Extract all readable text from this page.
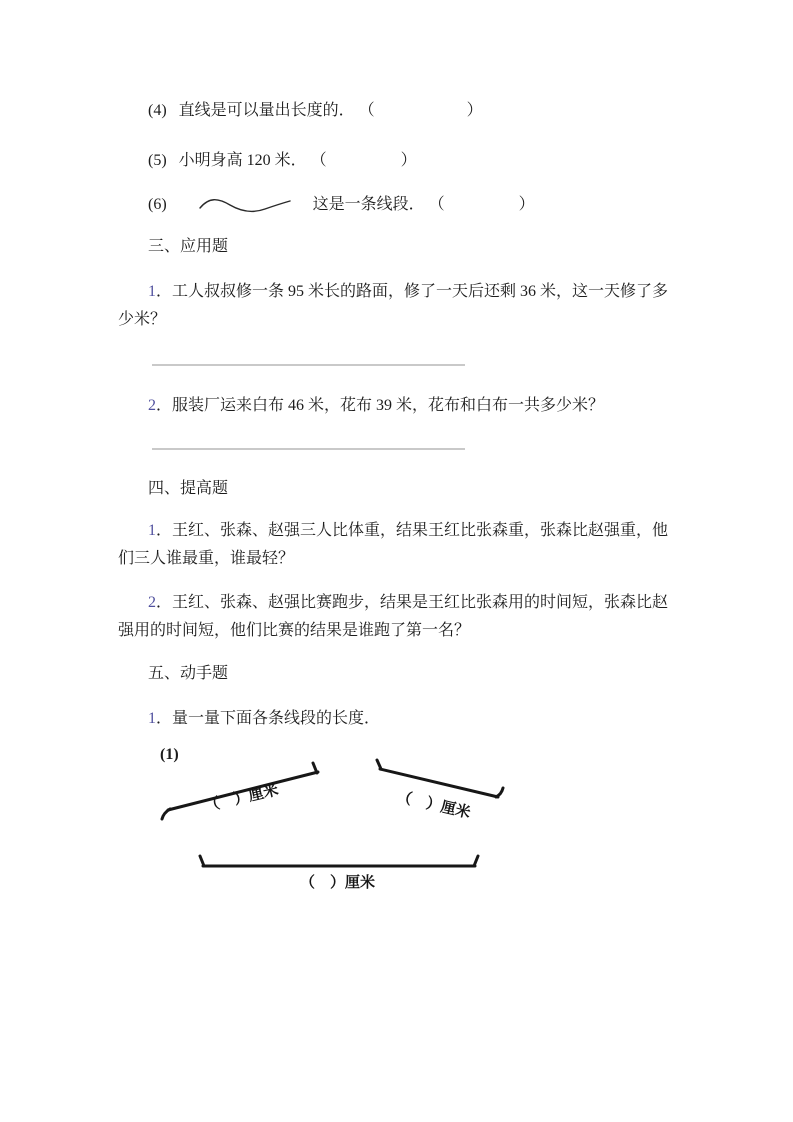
(4) 直线是可以量出长度的． （　　　　　）
(5) 小明身高 120 米． （　　　　）
(6)	这是一条线段． （　　　　）
三、应用题
1．工人叔叔修一条 95 米长的路面，修了一天后还剩 36 米，这一天修了多少米？
2．服装厂运来白布 46 米，花布 39 米，花布和白布一共多少米？
四、提高题
1．王红、张森、赵强三人比体重，结果王红比张森重，张森比赵强重，他们三人谁最重，谁最轻？
2．王红、张森、赵强比赛跑步，结果是王红比张森用的时间短，张森比赵强用的时间短，他们比赛的结果是谁跑了第一名？
五、动手题
1．量一量下面各条线段的长度．
(1)
（　）厘米	（　）厘米
（　）厘米
